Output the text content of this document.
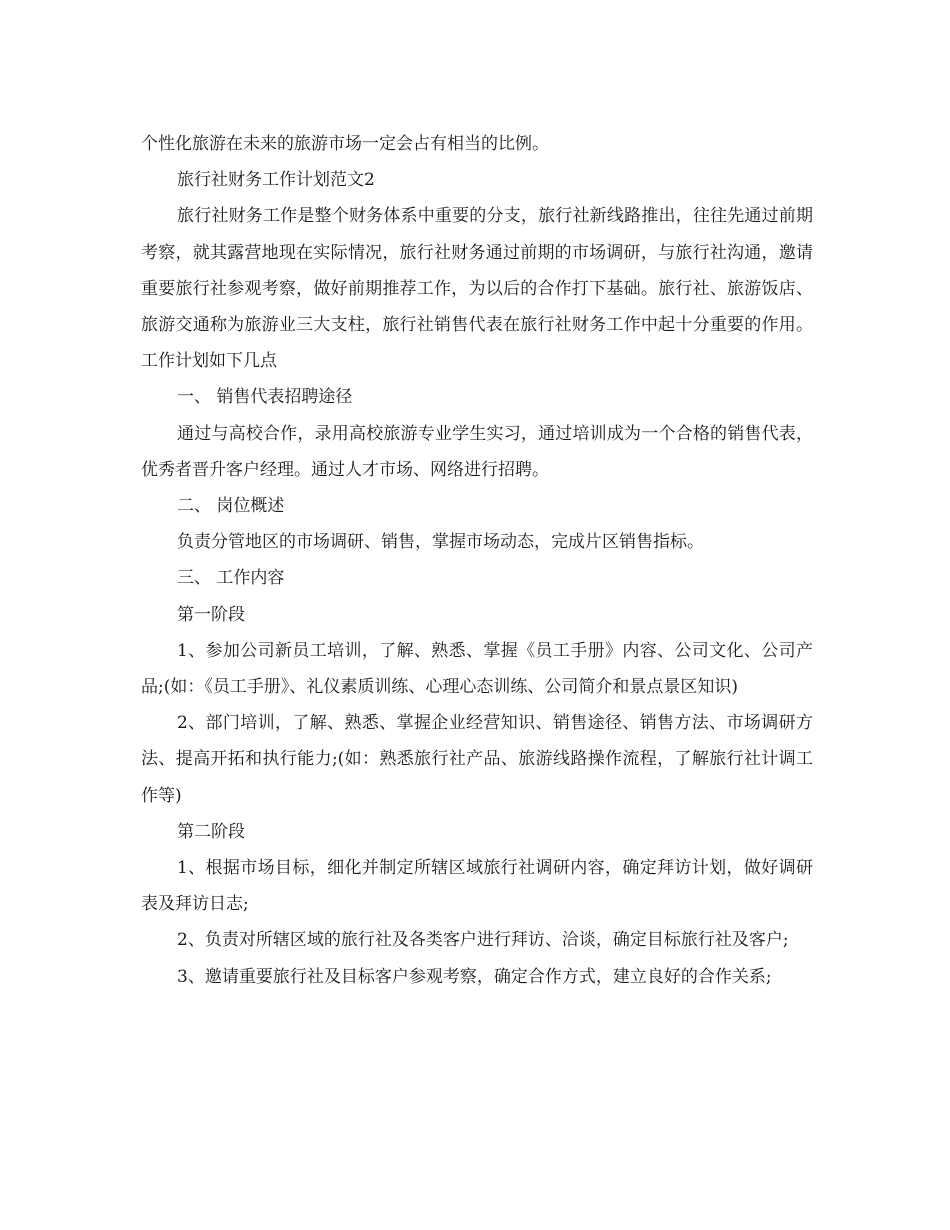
个性化旅游在未来的旅游市场一定会占有相当的比例。

旅行社财务工作计划范文2

旅行社财务工作是整个财务体系中重要的分支，旅行社新线路推出，往往先通过前期考察，就其露营地现在实际情况，旅行社财务通过前期的市场调研，与旅行社沟通，邀请重要旅行社参观考察，做好前期推荐工作，为以后的合作打下基础。旅行社、旅游饭店、旅游交通称为旅游业三大支柱，旅行社销售代表在旅行社财务工作中起十分重要的作用。工作计划如下几点

一、 销售代表招聘途径

通过与高校合作，录用高校旅游专业学生实习，通过培训成为一个合格的销售代表，优秀者晋升客户经理。通过人才市场、网络进行招聘。

二、 岗位概述

负责分管地区的市场调研、销售，掌握市场动态，完成片区销售指标。

三、 工作内容

第一阶段

1、参加公司新员工培训，了解、熟悉、掌握《员工手册》内容、公司文化、公司产品;(如：《员工手册》、礼仪素质训练、心理心态训练、公司简介和景点景区知识)

2、部门培训，了解、熟悉、掌握企业经营知识、销售途径、销售方法、市场调研方法、提高开拓和执行能力;(如：熟悉旅行社产品、旅游线路操作流程，了解旅行社计调工作等)

第二阶段

1、根据市场目标，细化并制定所辖区域旅行社调研内容，确定拜访计划，做好调研表及拜访日志;

2、负责对所辖区域的旅行社及各类客户进行拜访、洽谈，确定目标旅行社及客户;

3、邀请重要旅行社及目标客户参观考察，确定合作方式，建立良好的合作关系;
